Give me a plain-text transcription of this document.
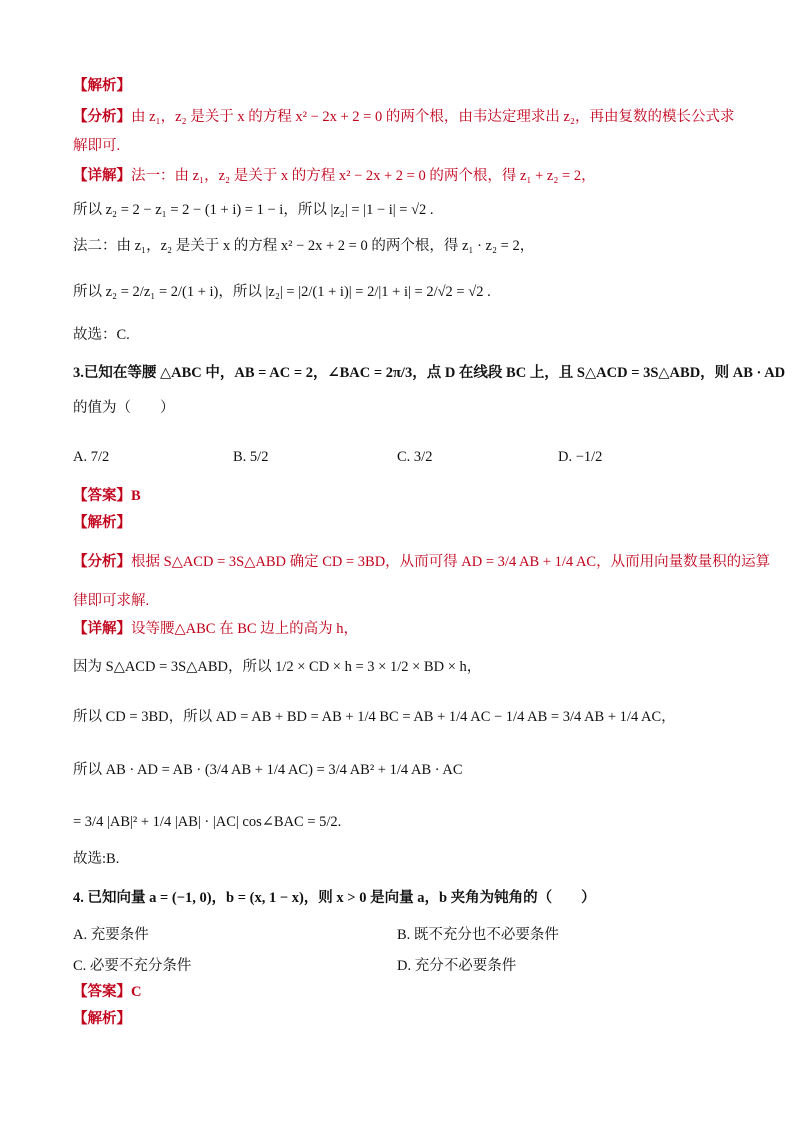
【解析】
【分析】由 z₁，z₂ 是关于 x 的方程 x² − 2x + 2 = 0 的两个根，由韦达定理求出 z₂，再由复数的模长公式求
解即可.
【详解】法一：由 z₁，z₂ 是关于 x 的方程 x² − 2x + 2 = 0 的两个根，得 z₁ + z₂ = 2，
所以 z₂ = 2 − z₁ = 2 − (1 + i) = 1 − i，所以 |z₂| = |1 − i| = √2 .
法二：由 z₁，z₂ 是关于 x 的方程 x² − 2x + 2 = 0 的两个根，得 z₁ · z₂ = 2，
所以 z₂ = 2/z₁ = 2/(1 + i)，所以 |z₂| = |2/(1 + i)| = 2/|1 + i| = 2/√2 = √2 .
故选：C.
3.已知在等腰 △ABC 中，AB = AC = 2，∠BAC = 2π/3，点 D 在线段 BC 上，且 S△ACD = 3S△ABD，则 AB · AD
的值为（　　）
A. 7/2	B. 5/2	C. 3/2	D. −1/2
【答案】B
【解析】
【分析】根据 S△ACD = 3S△ABD 确定 CD = 3BD，从而可得 AD = 3/4 AB + 1/4 AC，从而用向量数量积的运算
律即可求解.
【详解】设等腰△ABC 在 BC 边上的高为 h，
因为 S△ACD = 3S△ABD，所以 1/2 × CD × h = 3 × 1/2 × BD × h，
所以 CD = 3BD，所以 AD = AB + BD = AB + 1/4 BC = AB + 1/4 AC − 1/4 AB = 3/4 AB + 1/4 AC，
所以 AB · AD = AB · (3/4 AB + 1/4 AC) = 3/4 AB² + 1/4 AB · AC
= 3/4 |AB|² + 1/4 |AB| · |AC| cos∠BAC = 5/2.
故选:B.
4. 已知向量 a = (−1, 0)，b = (x, 1 − x)，则 x > 0 是向量 a，b 夹角为钝角的（　　）
A. 充要条件	B. 既不充分也不必要条件
C. 必要不充分条件	D. 充分不必要条件
【答案】C
【解析】
